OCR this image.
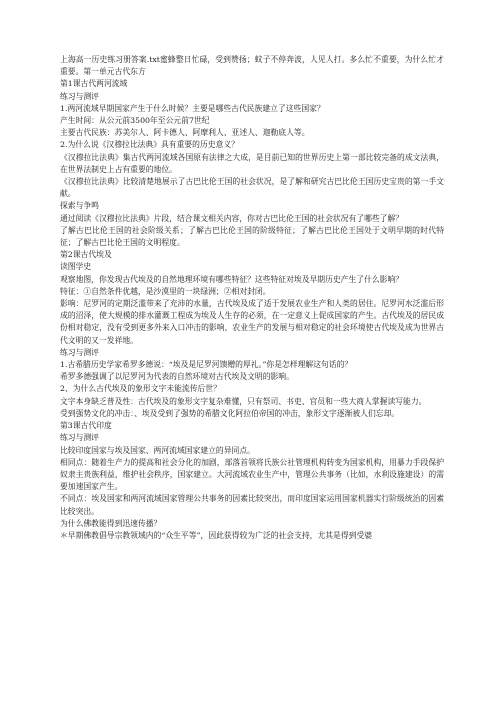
上海高一历史练习册答案.txt蜜蜂整日忙碌，受到赞扬；蚊子不停奔波，人见人打。多么忙不重要，为什么忙才重要。第一单元古代东方
第1课古代两河流域
练习与测评
1.两河流域早期国家产生于什么时候？主要是哪些古代民族建立了这些国家？
产生时间：从公元前3500年至公元前7世纪
主要古代民族：苏美尔人、阿卡德人、阿摩利人、亚述人、迦勒底人等。
2.为什么说《汉穆拉比法典》具有重要的历史意义？
《汉穆拉比法典》集古代两河流域各国原有法律之大成，是目前已知的世界历史上第一部比较完备的成文法典，在世界法制史上占有重要的地位。
《汉穆拉比法典》比较清楚地展示了古巴比伦王国的社会状况，是了解和研究古巴比伦王国历史宝贵的第一手文献。
探索与争鸣
通过阅读《汉穆拉比法典》片段，结合课文相关内容，你对古巴比伦王国的社会状况有了哪些了解？
了解古巴比伦王国的社会阶级关系；了解古巴比伦王国的阶级特征；了解古巴比伦王国处于文明早期的时代特征；了解古巴比伦王国的文明程度。
第2课古代埃及
读图学史
观察地图，你发现古代埃及的自然地理环境有哪些特征？这些特征对埃及早期历史产生了什么影响？
特征：①自然条件优越，是沙漠里的一块绿洲；②相对封闭。
影响：尼罗河的定期泛滥带来了充沛的水量，古代埃及成了适于发展农业生产和人类的居住。尼罗河水泛滥后形成的沼泽，使大规模的排水灌溉工程成为埃及人生存的必须，在一定意义上促成国家的产生。古代埃及的居民成份相对稳定，没有受到更多外来入口冲击的影响，农业生产的发展与相对稳定的社会环境使古代埃及成为世界古代文明的又一发祥地。
练习与测评
1.古希腊历史学家希罗多德说：“埃及是尼罗河馈赠的厚礼。”你是怎样理解这句话的？
希罗多德强调了以尼罗河为代表的自然环境对古代埃及文明的影响。
2、为什么古代埃及的象形文字未能流传后世？
文字本身缺乏普及性：古代埃及的象形文字复杂难懂，只有祭司、书吏、官员和一些大商人掌握读写能力。
受到强势文化的冲击：、埃及受到了强势的希腊文化阿拉伯帝国的冲击，象形文字逐渐被人们忘却。
第3课古代印度
练习与测评
比较印度国家与埃及国家、两河流域国家建立的异同点。
相同点：随着生产力的提高和社会分化的加剧，部落首领将氏族公社管理机构转变为国家机构，用暴力手段保护奴隶主贵族利益，维护社会秩序，国家建立。大河流域农业生产中，管理公共事务（比如，水利设施建设）的需要加速国家产生。
不同点：埃及国家和两河流域国家管理公共事务的因素比较突出，而印度国家运用国家机器实行阶级统治的因素比较突出。
为什么佛教能得到迅速传播？
＊早期佛教倡导宗教领域内的“众生平等”，因此获得较为广泛的社会支持，尤其是得到受婆
